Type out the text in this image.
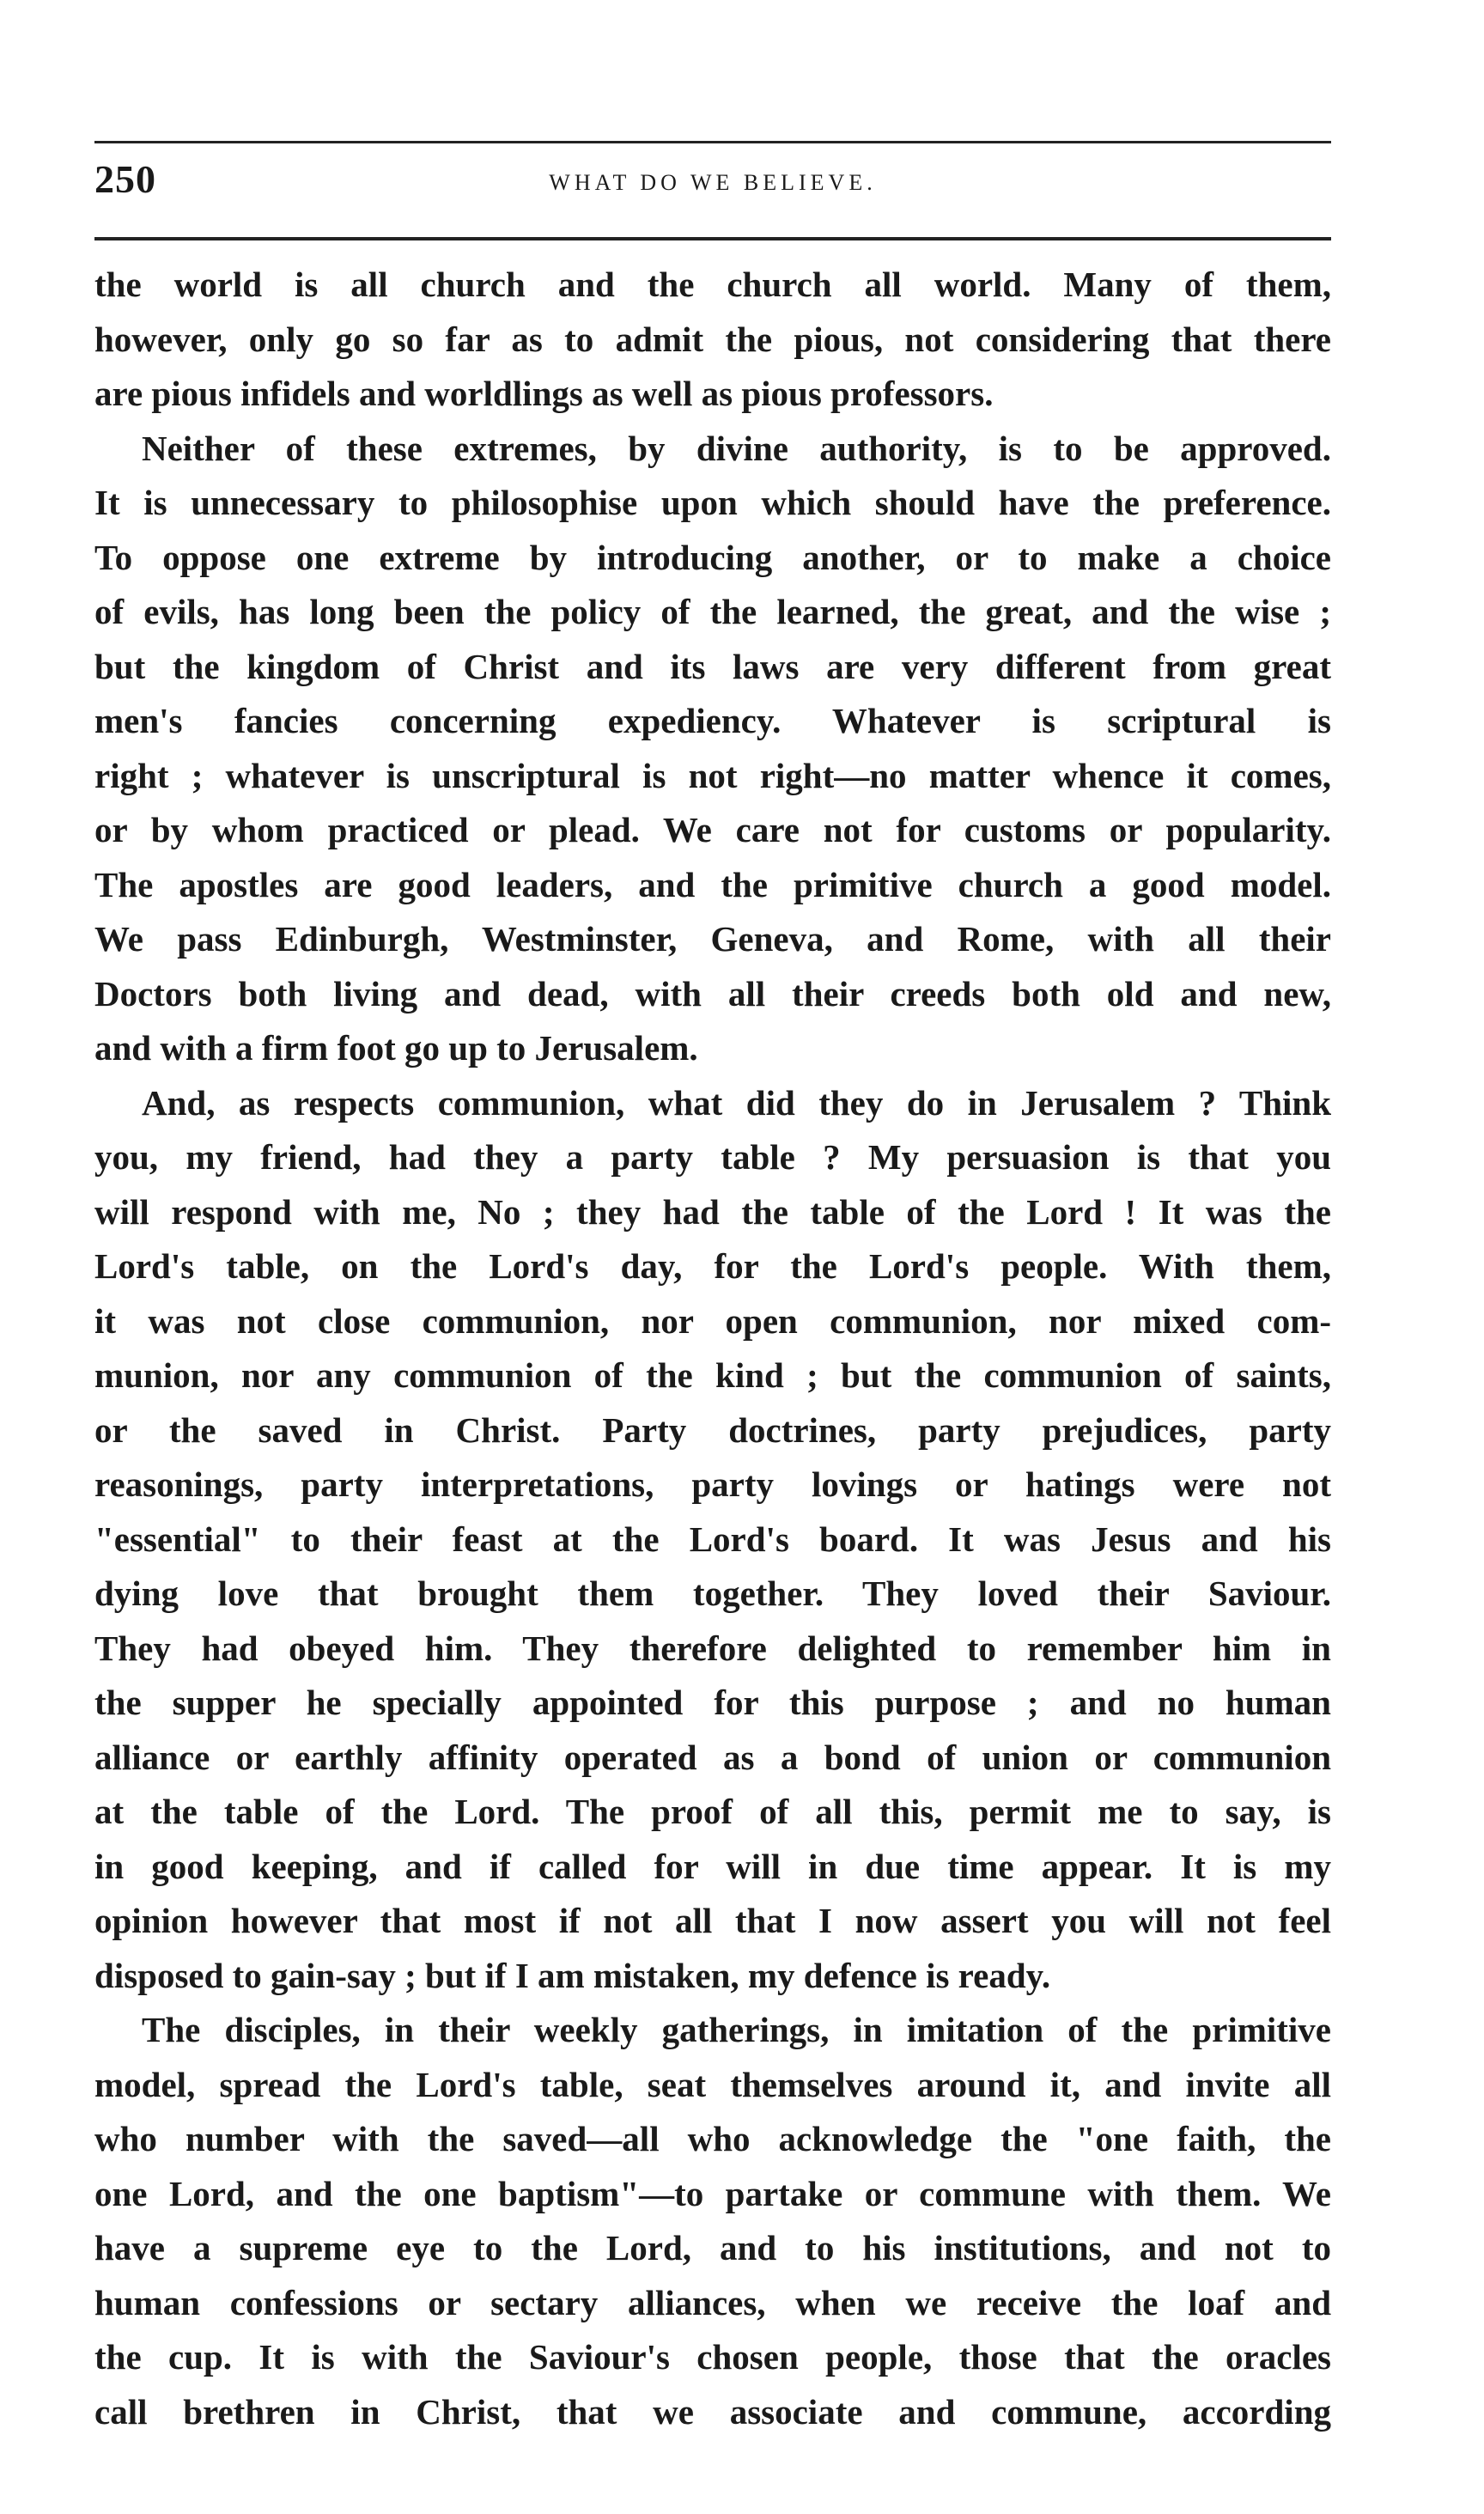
250	WHAT DO WE BELIEVE.
the world is all church and the church all world. Many of them,
however, only go so far as to admit the pious, not considering that there
are pious infidels and worldlings as well as pious professors.
Neither of these extremes, by divine authority, is to be approved.
It is unnecessary to philosophise upon which should have the preference.
To oppose one extreme by introducing another, or to make a choice
of evils, has long been the policy of the learned, the great, and the wise ;
but the kingdom of Christ and its laws are very different from great
men's fancies concerning expediency. Whatever is scriptural is
right ; whatever is unscriptural is not right—no matter whence it comes,
or by whom practiced or plead. We care not for customs or popularity.
The apostles are good leaders, and the primitive church a good model.
We pass Edinburgh, Westminster, Geneva, and Rome, with all their
Doctors both living and dead, with all their creeds both old and new,
and with a firm foot go up to Jerusalem.
And, as respects communion, what did they do in Jerusalem ? Think
you, my friend, had they a party table ? My persuasion is that you
will respond with me, No ; they had the table of the Lord ! It was the
Lord's table, on the Lord's day, for the Lord's people. With them,
it was not close communion, nor open communion, nor mixed com-
munion, nor any communion of the kind ; but the communion of saints,
or the saved in Christ. Party doctrines, party prejudices, party
reasonings, party interpretations, party lovings or hatings were not
"essential" to their feast at the Lord's board. It was Jesus and his
dying love that brought them together. They loved their Saviour.
They had obeyed him. They therefore delighted to remember him in
the supper he specially appointed for this purpose ; and no human
alliance or earthly affinity operated as a bond of union or communion
at the table of the Lord. The proof of all this, permit me to say, is
in good keeping, and if called for will in due time appear. It is my
opinion however that most if not all that I now assert you will not feel
disposed to gain-say ; but if I am mistaken, my defence is ready.
The disciples, in their weekly gatherings, in imitation of the primitive
model, spread the Lord's table, seat themselves around it, and invite all
who number with the saved—all who acknowledge the "one faith, the
one Lord, and the one baptism"—to partake or commune with them. We
have a supreme eye to the Lord, and to his institutions, and not to
human confessions or sectary alliances, when we receive the loaf and
the cup. It is with the Saviour's chosen people, those that the oracles
call brethren in Christ, that we associate and commune, according
